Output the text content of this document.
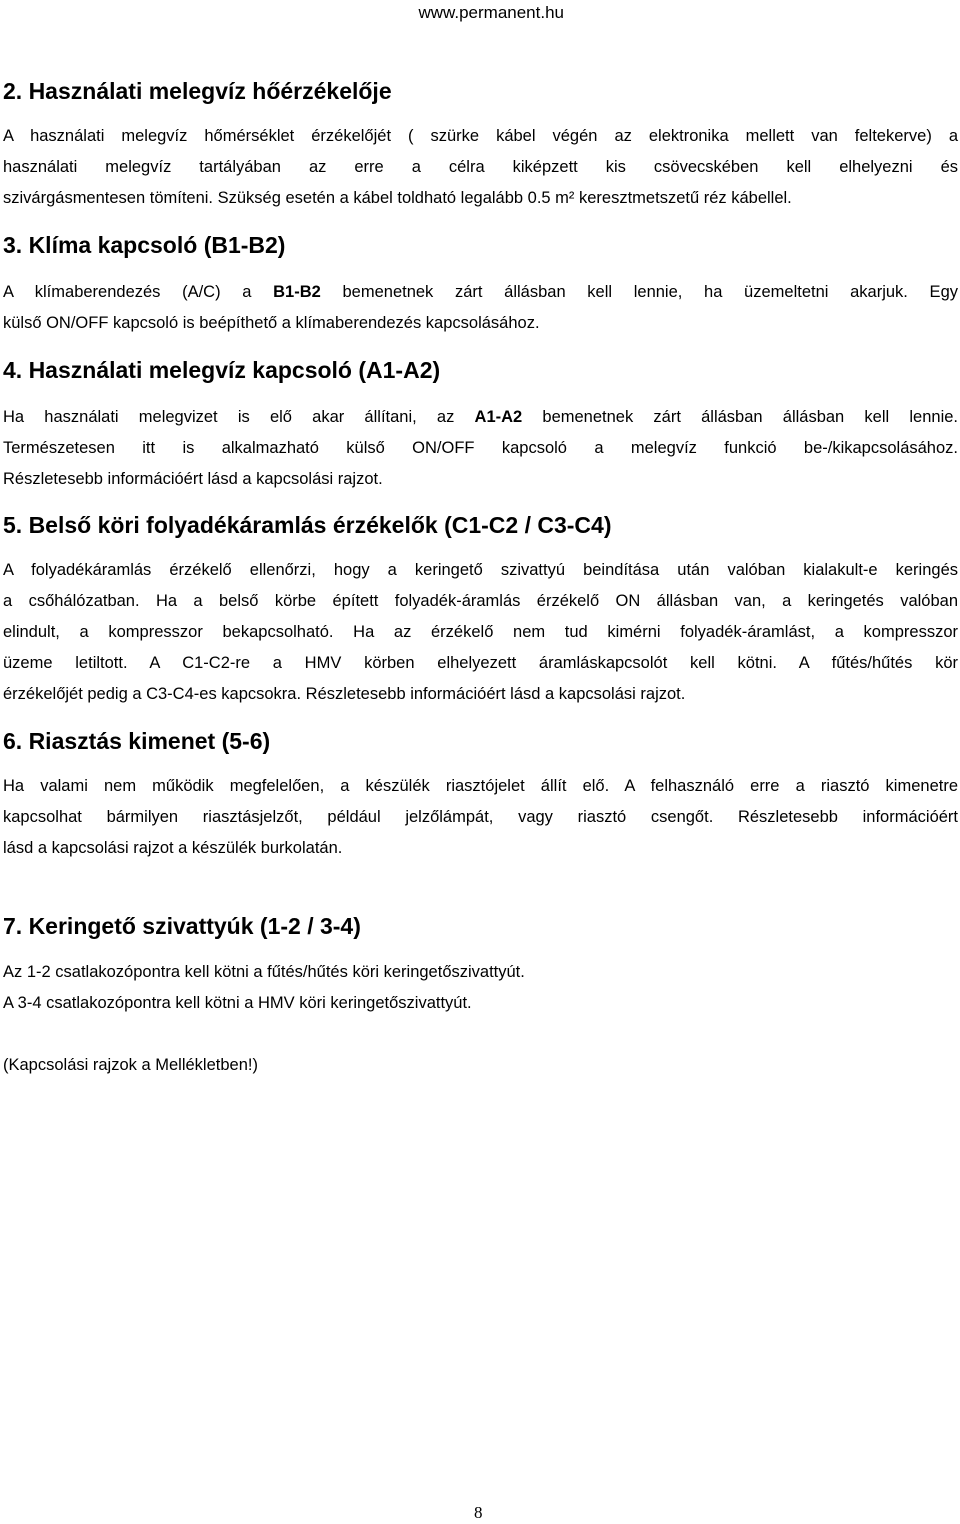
www.permanent.hu
2. Használati melegvíz hőérzékelője
A használati melegvíz hőmérséklet érzékelőjét ( szürke kábel végén az elektronika mellett van feltekerve) a
használati melegvíz tartályában az erre a célra kiképzett kis csövecskében kell elhelyezni és
szivárgásmentesen tömíteni. Szükség esetén a kábel toldható legalább 0.5 m² keresztmetszetű réz kábellel.
3. Klíma kapcsoló (B1-B2)
A klímaberendezés (A/C) a B1-B2 bemenetnek zárt állásban kell lennie, ha üzemeltetni akarjuk. Egy
külső ON/OFF kapcsoló is beépíthető a klímaberendezés kapcsolásához.
4. Használati melegvíz kapcsoló (A1-A2)
Ha használati melegvizet is elő akar állítani, az A1-A2 bemenetnek zárt állásban állásban kell lennie.
Természetesen itt is alkalmazható külső ON/OFF kapcsoló a melegvíz funkció be-/kikapcsolásához.
Részletesebb információért lásd a kapcsolási rajzot.
5. Belső köri folyadékáramlás érzékelők (C1-C2 / C3-C4)
A folyadékáramlás érzékelő ellenőrzi, hogy a keringető szivattyú beindítása után valóban kialakult-e keringés
a csőhálózatban. Ha a belső körbe épített folyadék-áramlás érzékelő ON állásban van, a keringetés valóban
elindult, a kompresszor bekapcsolható. Ha az érzékelő nem tud kimérni folyadék-áramlást, a kompresszor
üzeme letiltott. A C1-C2-re a HMV körben elhelyezett áramláskapcsolót kell kötni. A fűtés/hűtés kör
érzékelőjét pedig a C3-C4-es kapcsokra. Részletesebb információért lásd a kapcsolási rajzot.
6. Riasztás kimenet (5-6)
Ha valami nem működik megfelelően, a készülék riasztójelet állít elő. A felhasználó erre a riasztó kimenetre
kapcsolhat bármilyen riasztásjelzőt, például jelzőlámpát, vagy riasztó csengőt. Részletesebb információért
lásd a kapcsolási rajzot a készülék burkolatán.
7. Keringető szivattyúk (1-2 / 3-4)
Az 1-2 csatlakozópontra kell kötni a fűtés/hűtés köri keringetőszivattyút.
A 3-4 csatlakozópontra kell kötni a HMV köri keringetőszivattyút.
(Kapcsolási rajzok a Mellékletben!)
8
